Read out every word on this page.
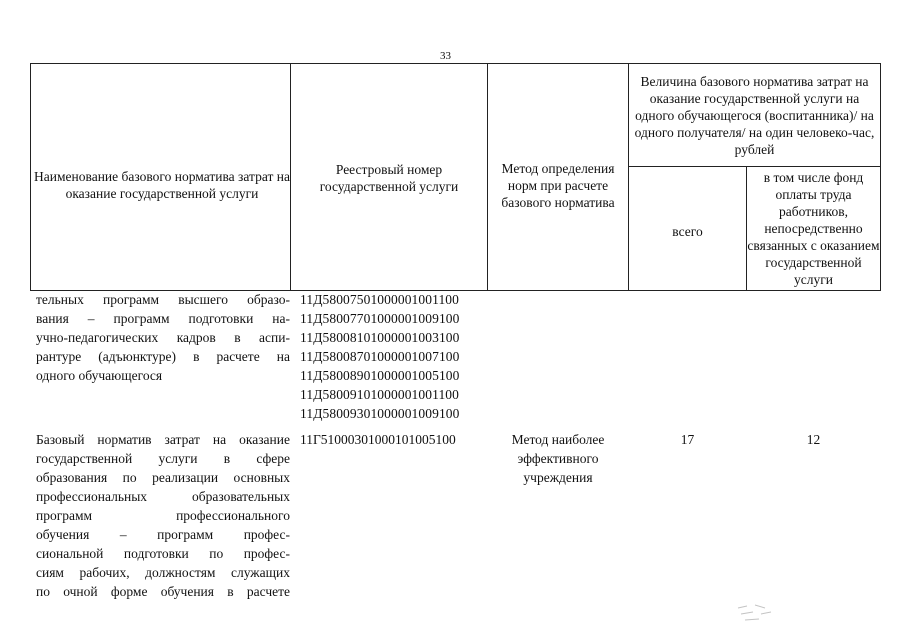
33
Величина базового норматива затрат на оказание государственной услуги на одного обучающегося (воспитанника)/ на одного получателя/ на один человеко-час, рублей
Наименование базового норматива затрат на оказание государственной услуги
Реестровый номер государственной услуги
Метод определения норм при расчете базового норматива
всего
в том числе фонд оплаты труда работников, непосредственно связанных с оказанием государственной услуги
тельных программ высшего образо-
вания – программ подготовки на-
учно-педагогических кадров в аспи-
рантуре (адъюнктуре) в расчете на
одного обучающегося
11Д58007501000001001100
11Д58007701000001009100
11Д58008101000001003100
11Д58008701000001007100
11Д58008901000001005100
11Д58009101000001001100
11Д58009301000001009100
Базовый норматив затрат на оказание
государственной услуги в сфере
образования по реализации основных
профессиональных образовательных
программ профессионального
обучения – программ профес-
сиональной подготовки по профес-
сиям рабочих, должностям служащих
по очной форме обучения в расчете
11Г51000301000101005100	Метод наиболее
эффективного
учреждения
17	12
